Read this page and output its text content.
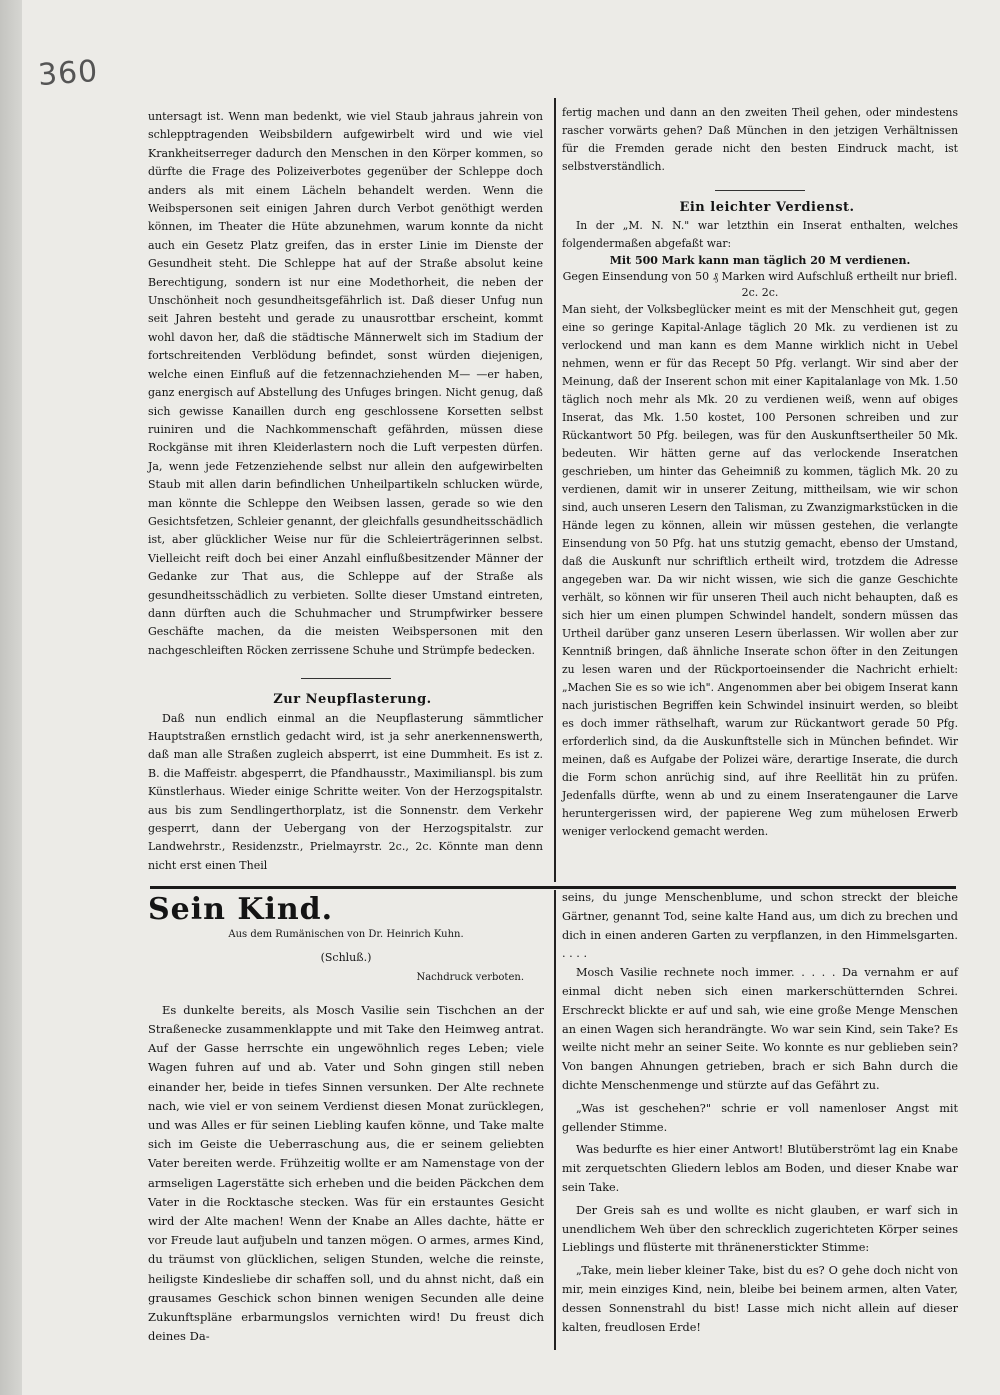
360

untersagt ist. Wenn man bedenkt, wie viel Staub jahraus jahrein von schlepptragenden Weibsbildern aufgewirbelt wird und wie viel Krankheitserreger dadurch den Menschen in den Körper kommen, so dürfte die Frage des Polizeiverbotes gegenüber der Schleppe doch anders als mit einem Lächeln behandelt werden. Wenn die Weibspersonen seit einigen Jahren durch Verbot genöthigt werden können, im Theater die Hüte abzunehmen, warum konnte da nicht auch ein Gesetz Platz greifen, das in erster Linie im Dienste der Gesundheit steht. Die Schleppe hat auf der Straße absolut keine Berechtigung, sondern ist nur eine Modethorheit, die neben der Unschönheit noch gesundheitsgefährlich ist. Daß dieser Unfug nun seit Jahren besteht und gerade zu unausrottbar erscheint, kommt wohl davon her, daß die städtische Männerwelt sich im Stadium der fortschreitenden Verblödung befindet, sonst würden diejenigen, welche einen Einfluß auf die fetzennachziehenden M— —er haben, ganz energisch auf Abstellung des Unfuges bringen. Nicht genug, daß sich gewisse Kanaillen durch eng geschlossene Korsetten selbst ruiniren und die Nachkommenschaft gefährden, müssen diese Rockgänse mit ihren Kleiderlastern noch die Luft verpesten dürfen. Ja, wenn jede Fetzenziehende selbst nur allein den aufgewirbelten Staub mit allen darin befindlichen Unheilpartikeln schlucken würde, man könnte die Schleppe den Weibsen lassen, gerade so wie den Gesichtsfetzen, Schleier genannt, der gleichfalls gesundheitsschädlich ist, aber glücklicher Weise nur für die Schleierträgerinnen selbst. Vielleicht reift doch bei einer Anzahl einflußbesitzender Männer der Gedanke zur That aus, die Schleppe auf der Straße als gesundheitsschädlich zu verbieten. Sollte dieser Umstand eintreten, dann dürften auch die Schuhmacher und Strumpfwirker bessere Geschäfte machen, da die meisten Weibspersonen mit den nachgeschleiften Röcken zerrissene Schuhe und Strümpfe bedecken.

Zur Neupflasterung.

Daß nun endlich einmal an die Neupflasterung sämmtlicher Hauptstraßen ernstlich gedacht wird, ist ja sehr anerkennenswerth, daß man alle Straßen zugleich absperrt, ist eine Dummheit. Es ist z. B. die Maffeistr. abgesperrt, die Pfandhausstr., Maximilianspl. bis zum Künstlerhaus. Wieder einige Schritte weiter. Von der Herzogspitalstr. aus bis zum Sendlingerthorplatz, ist die Sonnenstr. dem Verkehr gesperrt, dann der Uebergang von der Herzogspitalstr. zur Landwehrstr., Residenzstr., Prielmayrstr. 2c., 2c. Könnte man denn nicht erst einen Theil

fertig machen und dann an den zweiten Theil gehen, oder mindestens rascher vorwärts gehen? Daß München in den jetzigen Verhältnissen für die Fremden gerade nicht den besten Eindruck macht, ist selbstverständlich.

Ein leichter Verdienst.

In der „M. N. N." war letzthin ein Inserat enthalten, welches folgendermaßen abgefaßt war:

Mit 500 Mark kann man täglich 20 M verdienen.
Gegen Einsendung von 50 ₰ Marken wird Aufschluß ertheilt nur briefl. 2c. 2c.

Man sieht, der Volksbeglücker meint es mit der Menschheit gut, gegen eine so geringe Kapital-Anlage täglich 20 Mk. zu verdienen ist zu verlockend und man kann es dem Manne wirklich nicht in Uebel nehmen, wenn er für das Recept 50 Pfg. verlangt. Wir sind aber der Meinung, daß der Inserent schon mit einer Kapitalanlage von Mk. 1.50 täglich noch mehr als Mk. 20 zu verdienen weiß, wenn auf obiges Inserat, das Mk. 1.50 kostet, 100 Personen schreiben und zur Rückantwort 50 Pfg. beilegen, was für den Auskunftsertheiler 50 Mk. bedeuten. Wir hätten gerne auf das verlockende Inseratchen geschrieben, um hinter das Geheimniß zu kommen, täglich Mk. 20 zu verdienen, damit wir in unserer Zeitung, mittheilsam, wie wir schon sind, auch unseren Lesern den Talisman, zu Zwanzigmarkstücken in die Hände legen zu können, allein wir müssen gestehen, die verlangte Einsendung von 50 Pfg. hat uns stutzig gemacht, ebenso der Umstand, daß die Auskunft nur schriftlich ertheilt wird, trotzdem die Adresse angegeben war. Da wir nicht wissen, wie sich die ganze Geschichte verhält, so können wir für unseren Theil auch nicht behaupten, daß es sich hier um einen plumpen Schwindel handelt, sondern müssen das Urtheil darüber ganz unseren Lesern überlassen. Wir wollen aber zur Kenntniß bringen, daß ähnliche Inserate schon öfter in den Zeitungen zu lesen waren und der Rückportoeinsender die Nachricht erhielt: „Machen Sie es so wie ich". Angenommen aber bei obigem Inserat kann nach juristischen Begriffen kein Schwindel insinuirt werden, so bleibt es doch immer räthselhaft, warum zur Rückantwort gerade 50 Pfg. erforderlich sind, da die Auskunftstelle sich in München befindet. Wir meinen, daß es Aufgabe der Polizei wäre, derartige Inserate, die durch die Form schon anrüchig sind, auf ihre Reellität hin zu prüfen. Jedenfalls dürfte, wenn ab und zu einem Inseratengauner die Larve heruntergerissen wird, der papierene Weg zum mühelosen Erwerb weniger verlockend gemacht werden.

Sein Kind.

Aus dem Rumänischen von Dr. Heinrich Kuhn.

(Schluß.)

Nachdruck verboten.

Es dunkelte bereits, als Mosch Vasilie sein Tischchen an der Straßenecke zusammenklappte und mit Take den Heimweg antrat. Auf der Gasse herrschte ein ungewöhnlich reges Leben; viele Wagen fuhren auf und ab. Vater und Sohn gingen still neben einander her, beide in tiefes Sinnen versunken. Der Alte rechnete nach, wie viel er von seinem Verdienst diesen Monat zurücklegen, und was Alles er für seinen Liebling kaufen könne, und Take malte sich im Geiste die Ueberraschung aus, die er seinem geliebten Vater bereiten werde. Frühzeitig wollte er am Namenstage von der armseligen Lagerstätte sich erheben und die beiden Päckchen dem Vater in die Rocktasche stecken. Was für ein erstauntes Gesicht wird der Alte machen! Wenn der Knabe an Alles dachte, hätte er vor Freude laut aufjubeln und tanzen mögen. O armes, armes Kind, du träumst von glücklichen, seligen Stunden, welche die reinste, heiligste Kindesliebe dir schaffen soll, und du ahnst nicht, daß ein grausames Geschick schon binnen wenigen Secunden alle deine Zukunftspläne erbarmungslos vernichten wird! Du freust dich deines Da-

seins, du junge Menschenblume, und schon streckt der bleiche Gärtner, genannt Tod, seine kalte Hand aus, um dich zu brechen und dich in einen anderen Garten zu verpflanzen, in den Himmelsgarten. . . . .

Mosch Vasilie rechnete noch immer. . . . . Da vernahm er auf einmal dicht neben sich einen markerschütternden Schrei. Erschreckt blickte er auf und sah, wie eine große Menge Menschen an einen Wagen sich herandrängte. Wo war sein Kind, sein Take? Es weilte nicht mehr an seiner Seite. Wo konnte es nur geblieben sein? Von bangen Ahnungen getrieben, brach er sich Bahn durch die dichte Menschenmenge und stürzte auf das Gefährt zu.

„Was ist geschehen?" schrie er voll namenloser Angst mit gellender Stimme.

Was bedurfte es hier einer Antwort! Blutüberströmt lag ein Knabe mit zerquetschten Gliedern leblos am Boden, und dieser Knabe war sein Take.

Der Greis sah es und wollte es nicht glauben, er warf sich in unendlichem Weh über den schrecklich zugerichteten Körper seines Lieblings und flüsterte mit thränenerstickter Stimme:

„Take, mein lieber kleiner Take, bist du es? O gehe doch nicht von mir, mein einziges Kind, nein, bleibe bei beinem armen, alten Vater, dessen Sonnenstrahl du bist! Lasse mich nicht allein auf dieser kalten, freudlosen Erde!
